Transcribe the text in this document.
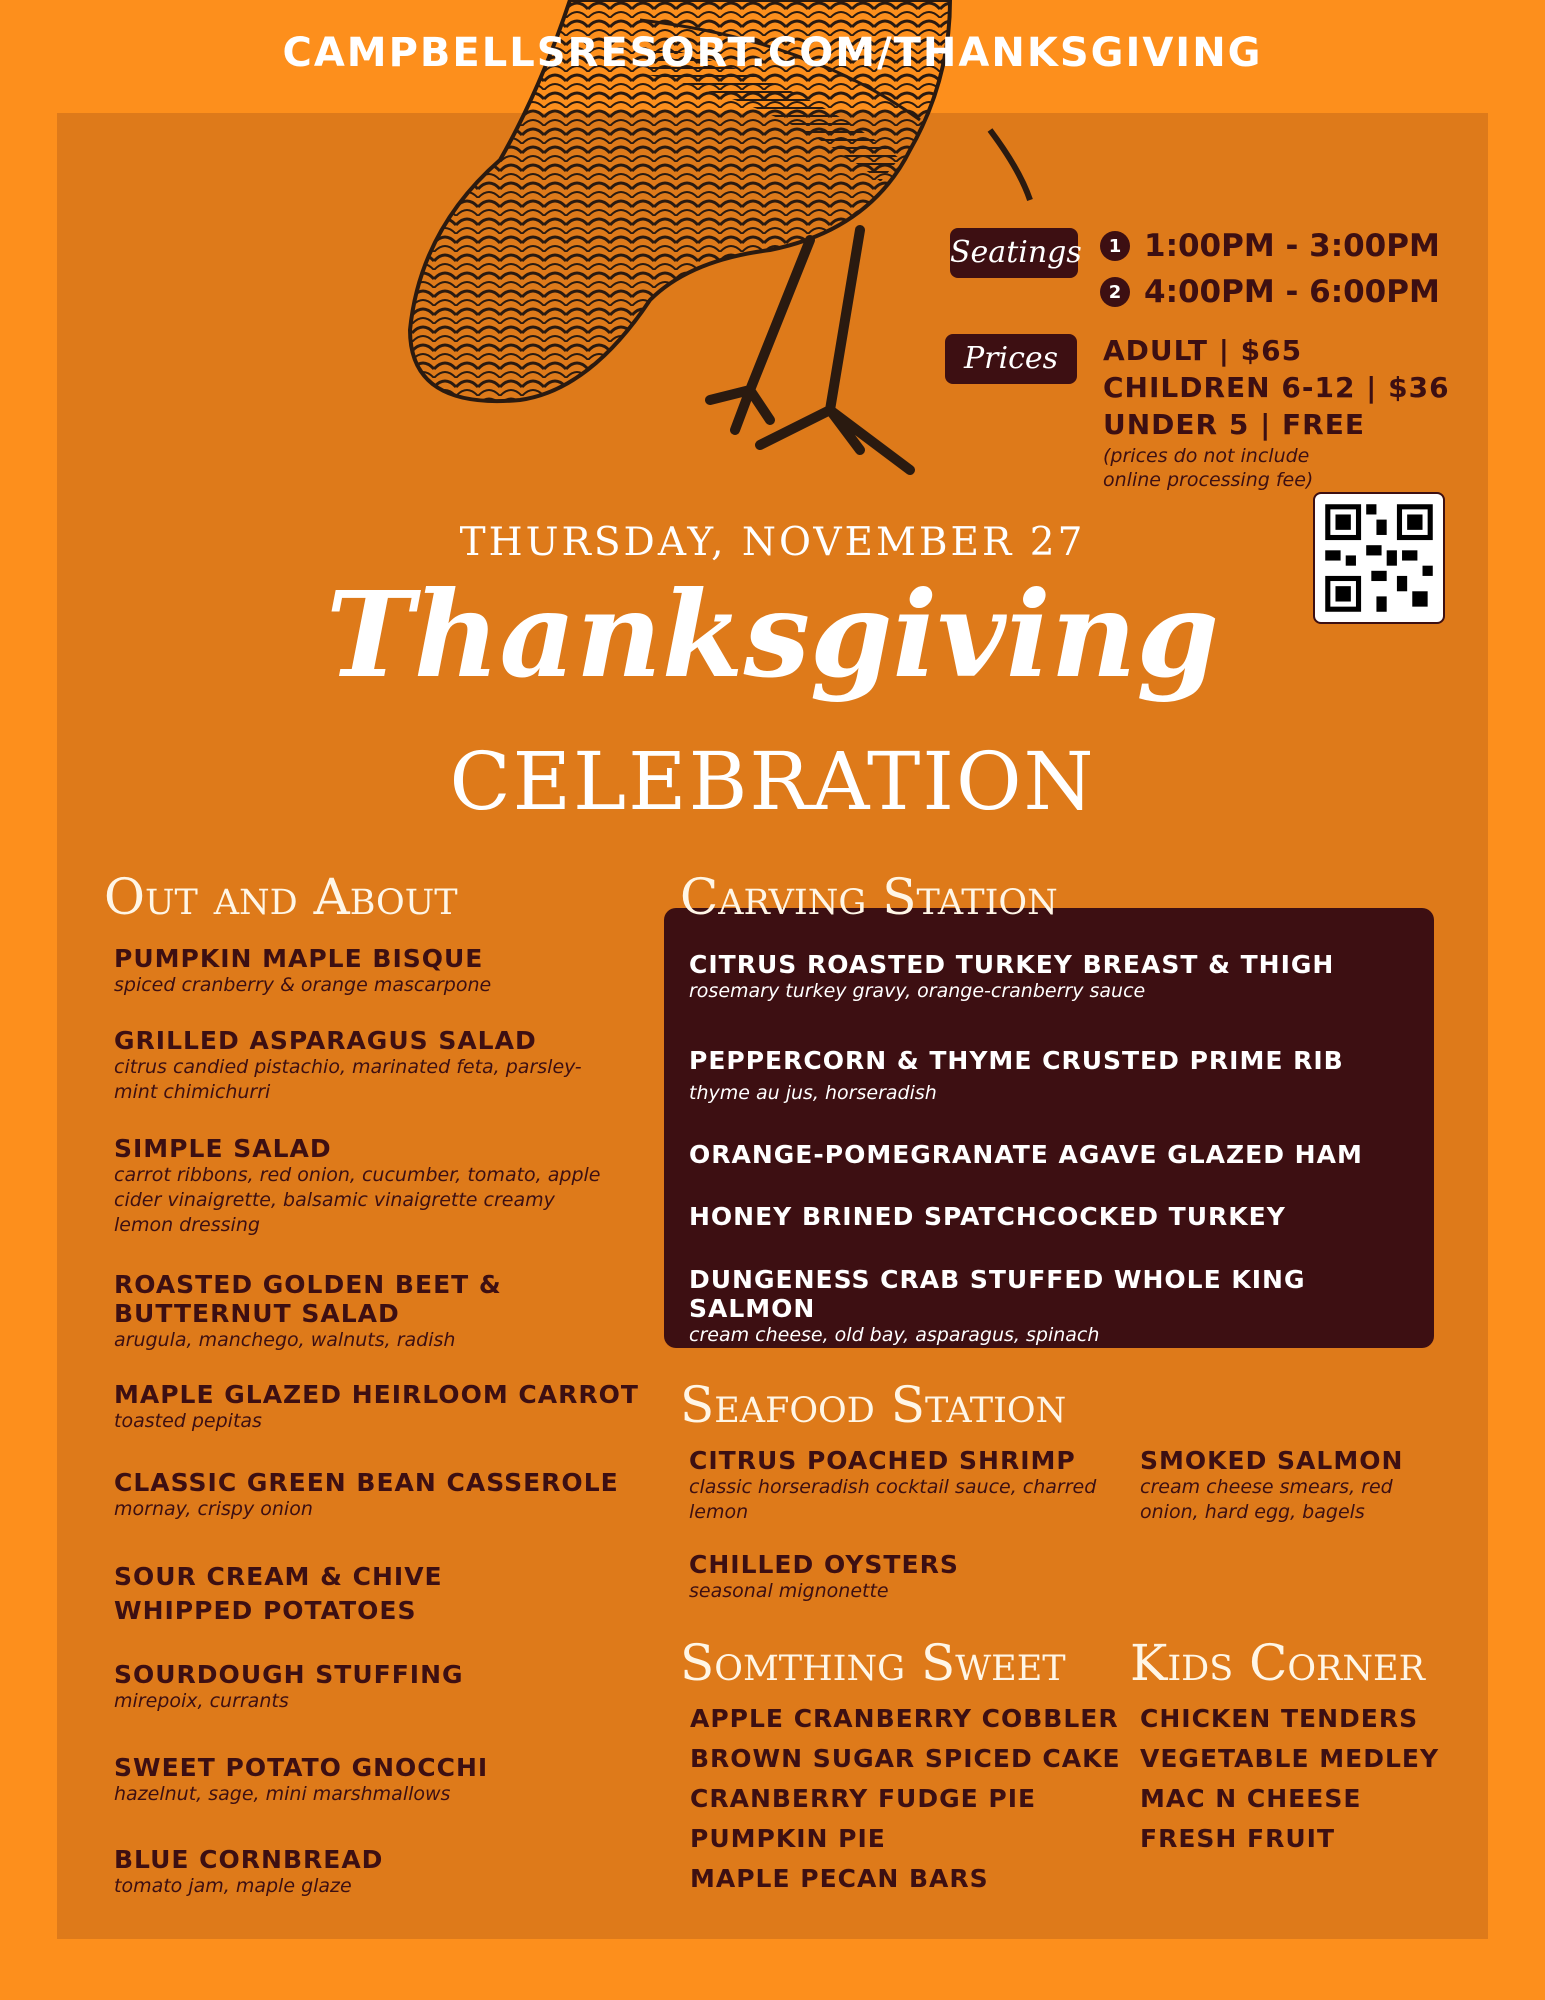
CAMPBELLSRESORT.COM/THANKSGIVING
Seatings	1 1:00PM - 3:00PM
2 4:00PM - 6:00PM
Prices	ADULT | $65
CHILDREN 6-12 | $36
UNDER 5 | FREE
(prices do not include online processing fee)
THURSDAY, NOVEMBER 27
Thanksgiving
CELEBRATION
Out and About
PUMPKIN MAPLE BISQUE
spiced cranberry & orange mascarpone
GRILLED ASPARAGUS SALAD
citrus candied pistachio, marinated feta, parsley-mint chimichurri
SIMPLE SALAD
carrot ribbons, red onion, cucumber, tomato, apple cider vinaigrette, balsamic vinaigrette creamy lemon dressing
ROASTED GOLDEN BEET & BUTTERNUT SALAD
arugula, manchego, walnuts, radish
MAPLE GLAZED HEIRLOOM CARROT
toasted pepitas
CLASSIC GREEN BEAN CASSEROLE
mornay, crispy onion
SOUR CREAM & CHIVE WHIPPED POTATOES
SOURDOUGH STUFFING
mirepoix, currants
SWEET POTATO GNOCCHI
hazelnut, sage, mini marshmallows
BLUE CORNBREAD
tomato jam, maple glaze
Carving Station
CITRUS ROASTED TURKEY BREAST & THIGH
rosemary turkey gravy, orange-cranberry sauce
PEPPERCORN & THYME CRUSTED PRIME RIB
thyme au jus, horseradish
ORANGE-POMEGRANATE AGAVE GLAZED HAM
HONEY BRINED SPATCHCOCKED TURKEY
DUNGENESS CRAB STUFFED WHOLE KING SALMON
cream cheese, old bay, asparagus, spinach
Seafood Station
CITRUS POACHED SHRIMP
classic horseradish cocktail sauce, charred lemon
SMOKED SALMON
cream cheese smears, red onion, hard egg, bagels
CHILLED OYSTERS
seasonal mignonette
Somthing Sweet
APPLE CRANBERRY COBBLER
BROWN SUGAR SPICED CAKE
CRANBERRY FUDGE PIE
PUMPKIN PIE
MAPLE PECAN BARS
Kids Corner
CHICKEN TENDERS
VEGETABLE MEDLEY
MAC N CHEESE
FRESH FRUIT
